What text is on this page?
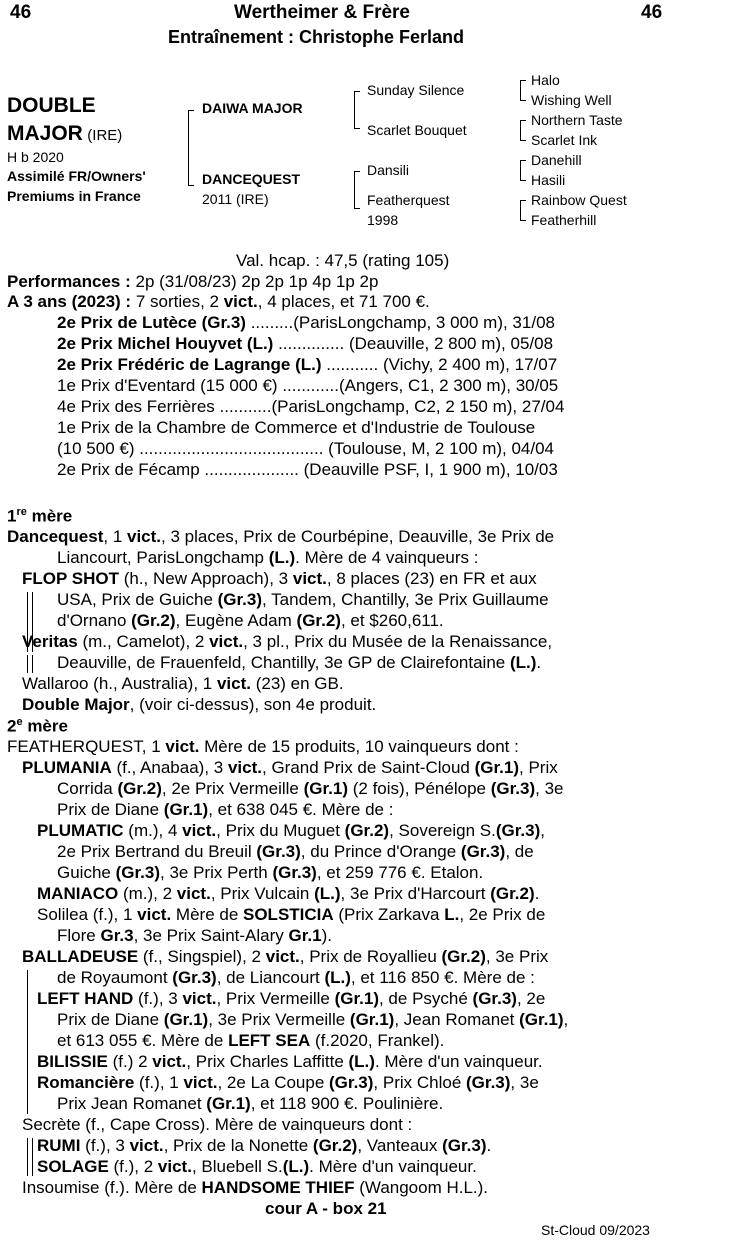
46	Wertheimer & Frère	46
Entraînement : Christophe Ferland
DOUBLE
MAJOR (IRE)
H b 2020
Assimilé FR/Owners'
Premiums in France
DAIWA MAJOR
DANCEQUEST
2011 (IRE)
Sunday Silence
Scarlet Bouquet
Dansili
Featherquest
1998
Halo
Wishing Well
Northern Taste
Scarlet Ink
Danehill
Hasili
Rainbow Quest
Featherhill
Val. hcap. : 47,5 (rating 105)
Performances : 2p (31/08/23) 2p 2p 1p 4p 1p 2p
A 3 ans (2023) : 7 sorties, 2 vict., 4 places, et 71 700 €.
2e Prix de Lutèce (Gr.3) .........(ParisLongchamp, 3 000 m), 31/08
2e Prix Michel Houyvet (L.) .............. (Deauville, 2 800 m), 05/08
2e Prix Frédéric de Lagrange (L.) ........... (Vichy, 2 400 m), 17/07
1e Prix d'Eventard (15 000 €) ............(Angers, C1, 2 300 m), 30/05
4e Prix des Ferrières ...........(ParisLongchamp, C2, 2 150 m), 27/04
1e Prix de la Chambre de Commerce et d'Industrie de Toulouse
(10 500 €) ....................................... (Toulouse, M, 2 100 m), 04/04
2e Prix de Fécamp .................... (Deauville PSF, I, 1 900 m), 10/03
1re mère
Dancequest, 1 vict., 3 places, Prix de Courbépine, Deauville, 3e Prix de
Liancourt, ParisLongchamp (L.). Mère de 4 vainqueurs :
FLOP SHOT (h., New Approach), 3 vict., 8 places (23) en FR et aux
USA, Prix de Guiche (Gr.3), Tandem, Chantilly, 3e Prix Guillaume
d'Ornano (Gr.2), Eugène Adam (Gr.2), et $260,611.
Veritas (m., Camelot), 2 vict., 3 pl., Prix du Musée de la Renaissance,
Deauville, de Frauenfeld, Chantilly, 3e GP de Clairefontaine (L.).
Wallaroo (h., Australia), 1 vict. (23) en GB.
Double Major, (voir ci-dessus), son 4e produit.
2e mère
FEATHERQUEST, 1 vict. Mère de 15 produits, 10 vainqueurs dont :
PLUMANIA (f., Anabaa), 3 vict., Grand Prix de Saint-Cloud (Gr.1), Prix
Corrida (Gr.2), 2e Prix Vermeille (Gr.1) (2 fois), Pénélope (Gr.3), 3e
Prix de Diane (Gr.1), et 638 045 €. Mère de :
PLUMATIC (m.), 4 vict., Prix du Muguet (Gr.2), Sovereign S.(Gr.3),
2e Prix Bertrand du Breuil (Gr.3), du Prince d'Orange (Gr.3), de
Guiche (Gr.3), 3e Prix Perth (Gr.3), et 259 776 €. Etalon.
MANIACO (m.), 2 vict., Prix Vulcain (L.), 3e Prix d'Harcourt (Gr.2).
Solilea (f.), 1 vict. Mère de SOLSTICIA (Prix Zarkava L., 2e Prix de
Flore Gr.3, 3e Prix Saint-Alary Gr.1).
BALLADEUSE (f., Singspiel), 2 vict., Prix de Royallieu (Gr.2), 3e Prix
de Royaumont (Gr.3), de Liancourt (L.), et 116 850 €. Mère de :
LEFT HAND (f.), 3 vict., Prix Vermeille (Gr.1), de Psyché (Gr.3), 2e
Prix de Diane (Gr.1), 3e Prix Vermeille (Gr.1), Jean Romanet (Gr.1),
et 613 055 €. Mère de LEFT SEA (f.2020, Frankel).
BILISSIE (f.) 2 vict., Prix Charles Laffitte (L.). Mère d'un vainqueur.
Romancière (f.), 1 vict., 2e La Coupe (Gr.3), Prix Chloé (Gr.3), 3e
Prix Jean Romanet (Gr.1), et 118 900 €. Poulinière.
Secrète (f., Cape Cross). Mère de vainqueurs dont :
RUMI (f.), 3 vict., Prix de la Nonette (Gr.2), Vanteaux (Gr.3).
SOLAGE (f.), 2 vict., Bluebell S.(L.). Mère d'un vainqueur.
Insoumise (f.). Mère de HANDSOME THIEF (Wangoom H.L.).
cour A - box 21
St-Cloud 09/2023
